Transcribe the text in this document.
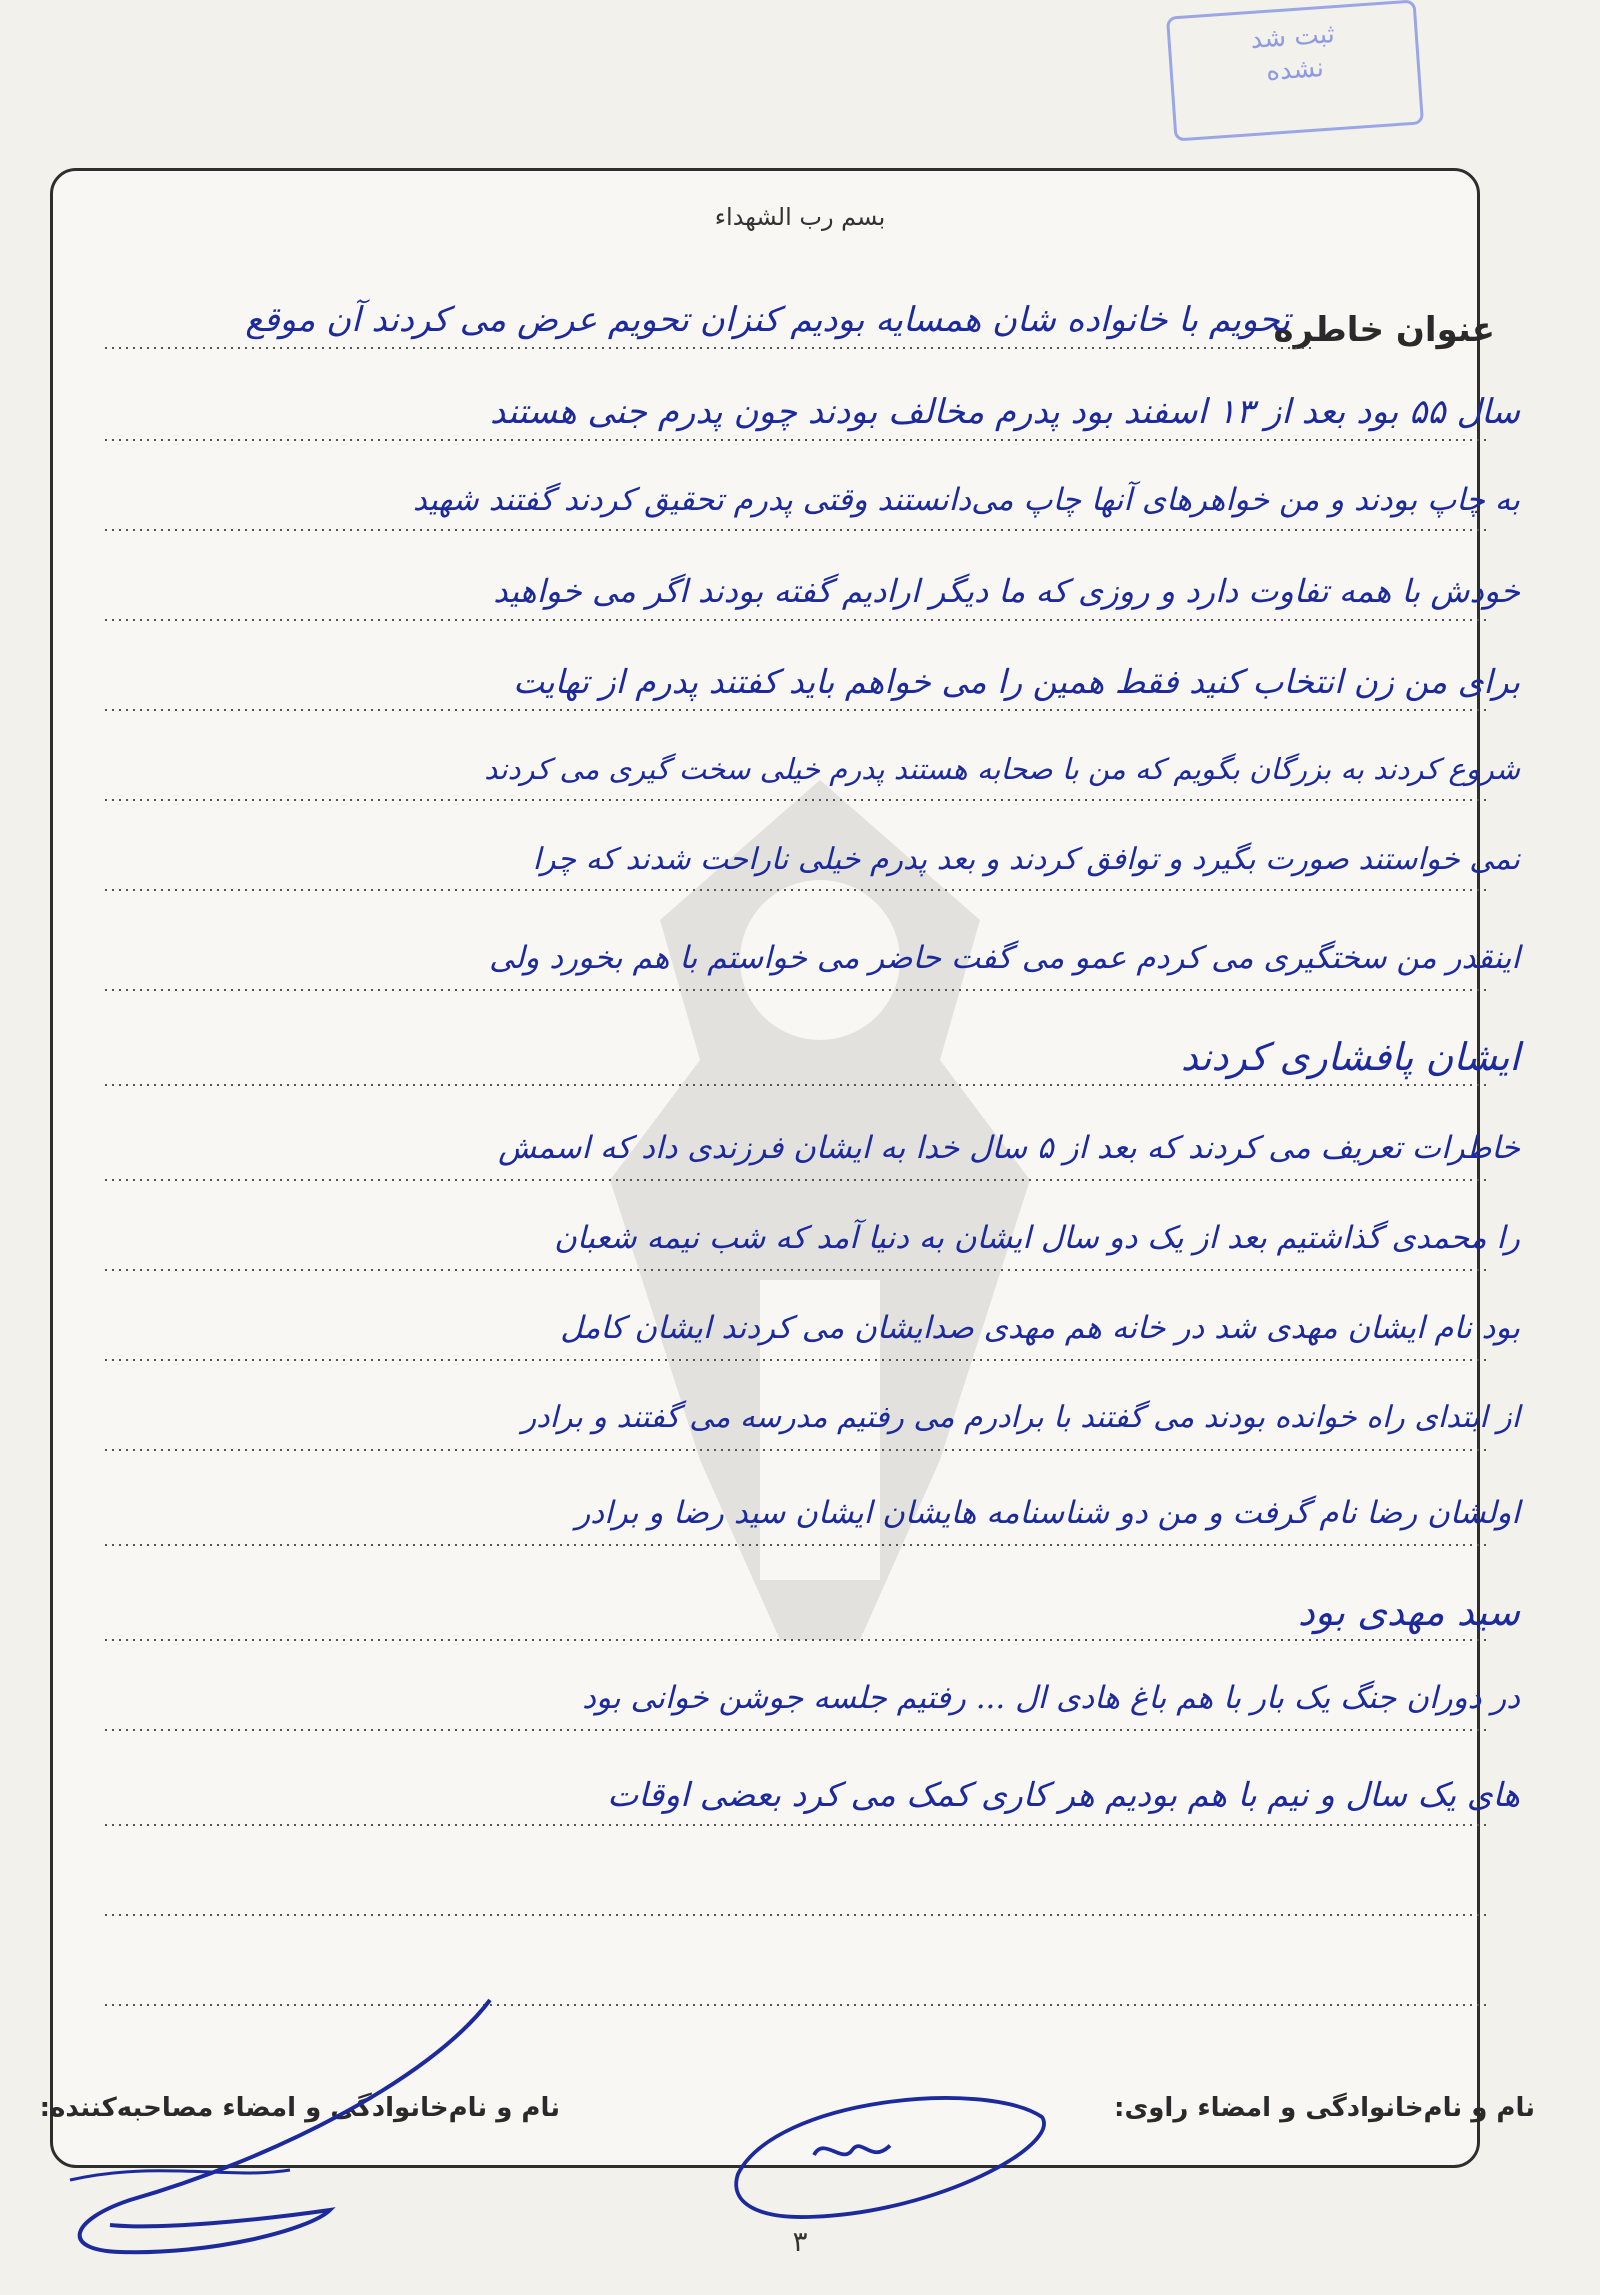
ثبت شد
نشده
بسم رب الشهداء
عنوان خاطره
تحویم با خانواده شان همسایه بودیم کنزان تحویم عرض می کردند آن موقع
سال ۵۵ بود بعد از ۱۳ اسفند بود پدرم مخالف بودند چون پدرم جنی هستند
به چاپ بودند و من خواهرهای آنها چاپ می‌دانستند وقتی پدرم تحقیق کردند گفتند شهید
خودش با همه تفاوت دارد و روزی که ما دیگر ارادیم گفته بودند اگر می خواهید
برای من زن انتخاب کنید فقط همین را می خواهم باید کفتند پدرم از تهایت
شروع کردند به بزرگان بگویم که من با صحابه هستند پدرم خیلی سخت گیری می کردند
نمی خواستند صورت بگیرد و توافق کردند و بعد پدرم خیلی ناراحت شدند که چرا
اینقدر من سختگیری می کردم عمو می گفت حاضر می خواستم با هم بخورد ولی
ایشان پافشاری کردند
خاطرات تعریف می کردند که بعد از ۵ سال خدا به ایشان فرزندی داد که اسمش
را محمدی گذاشتیم بعد از یک دو سال ایشان به دنیا آمد که شب نیمه شعبان
بود نام ایشان مهدی شد در خانه هم مهدی صدایشان می کردند ایشان کامل
از ابتدای راه خوانده بودند می گفتند با برادرم می رفتیم مدرسه می گفتند و برادر
اولشان رضا نام گرفت و من دو شناسنامه هایشان ایشان سید رضا و برادر
سید مهدی بود
در دوران جنگ یک بار با هم باغ هادی ال ... رفتیم جلسه جوشن خوانی بود
های یک سال و نیم با هم بودیم هر کاری کمک می کرد بعضی اوقات
نام و نام‌خانوادگی و امضاء مصاحبه‌کننده:	نام و نام‌خانوادگی و امضاء راوی:
۳
